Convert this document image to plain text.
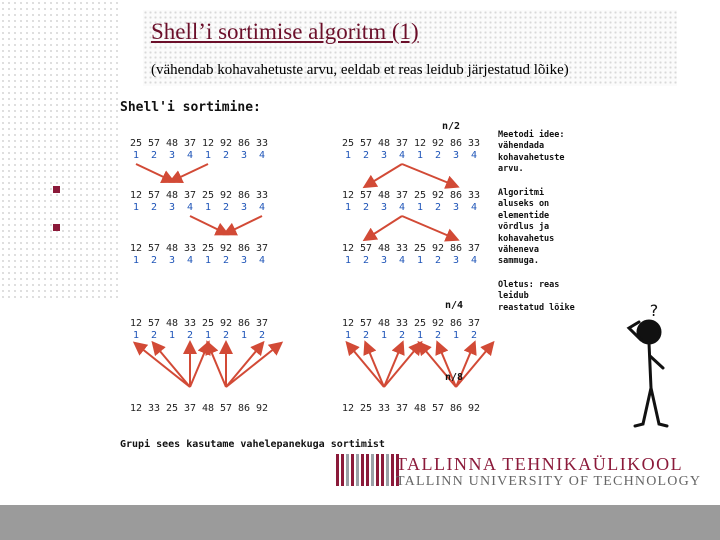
Shell’i sortimise algoritm (1)
(vähendab kohavahetuste arvu, eeldab et reas leidub järjestatud lõike)
Shell'i sortimine:
n/2
n/4
n/8
Meetodi idee:
vähendada
kohavahetuste
arvu.
Algoritmi
aluseks on
elementide
võrdlus ja
kohavahetus
väheneva
sammuga.
Oletus: reas
leidub
reastatud lõike
25 57 48 37 12 92 86 33
1	2	3	4	1	2	3	4
12 57 48 37 25 92 86 33
1	2	3	4	1	2	3	4
12 57 48 33 25 92 86 37
1	2	3	4	1	2	3	4
12 57 48 33 25 92 86 37
1	2	1	2	1	2	1	2
12 33 25 37 48 57 86 92
25 57 48 37 12 92 86 33
1	2	3	4	1	2	3	4
12 57 48 37 25 92 86 33
1	2	3	4	1	2	3	4
12 57 48 33 25 92 86 37
1	2	3	4	1	2	3	4
12 57 48 33 25 92 86 37
1	2	1	2	1	2	1	2
12 25 33 37 48 57 86 92
?
Grupi sees kasutame vahelepanekuga sortimist
TALLINNA TEHNIKAÜLIKOOL
TALLINN UNIVERSITY OF TECHNOLOGY
